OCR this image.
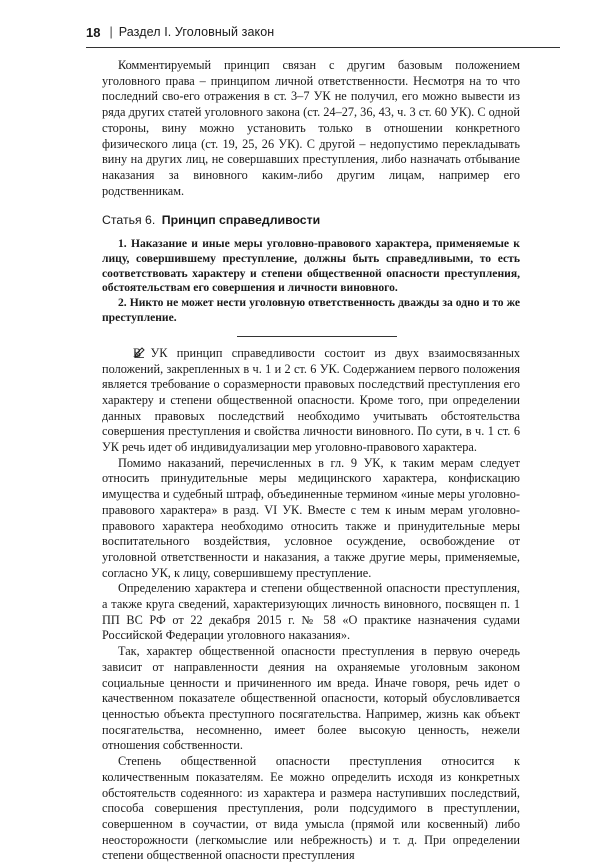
18 | Раздел I. Уголовный закон

Комментируемый принцип связан с другим базовым положением уголовного права – принципом личной ответственности. Несмотря на то что последний сво-его отражения в ст. 3–7 УК не получил, его можно вывести из ряда других статей уголовного закона (ст. 24–27, 36, 43, ч. 3 ст. 60 УК). С одной стороны, вину можно установить только в отношении конкретного физического лица (ст. 19, 25, 26 УК). С другой – недопустимо перекладывать вину на других лиц, не совершавших преступления, либо назначать отбывание наказания за виновного каким-либо другим лицам, например его родственникам.

Статья 6. Принцип справедливости

1. Наказание и иные меры уголовно-правового характера, применяемые к лицу, совершившему преступление, должны быть справедливыми, то есть соответствовать характеру и степени общественной опасности преступления, обстоятельствам его совершения и личности виновного.

2. Никто не может нести уголовную ответственность дважды за одно и то же преступление.

В УК принцип справедливости состоит из двух взаимосвязанных положений, закрепленных в ч. 1 и 2 ст. 6 УК. Содержанием первого положения является требование о соразмерности правовых последствий преступления его характеру и степени общественной опасности. Кроме того, при определении данных правовых последствий необходимо учитывать обстоятельства совершения преступления и свойства личности виновного. По сути, в ч. 1 ст. 6 УК речь идет об индивидуализации мер уголовно-правового характера.

Помимо наказаний, перечисленных в гл. 9 УК, к таким мерам следует относить принудительные меры медицинского характера, конфискацию имущества и судебный штраф, объединенные термином «иные меры уголовно-правового характера» в разд. VI УК. Вместе с тем к иным мерам уголовно-правового характера необходимо относить также и принудительные меры воспитательного воздействия, условное осуждение, освобождение от уголовной ответственности и наказания, а также другие меры, применяемые, согласно УК, к лицу, совершившему преступление.

Определению характера и степени общественной опасности преступления, а также круга сведений, характеризующих личность виновного, посвящен п. 1 ПП ВС РФ от 22 декабря 2015 г. № 58 «О практике назначения судами Российской Федерации уголовного наказания».

Так, характер общественной опасности преступления в первую очередь зависит от направленности деяния на охраняемые уголовным законом социальные ценности и причиненного им вреда. Иначе говоря, речь идет о качественном показателе общественной опасности, который обусловливается ценностью объекта преступного посягательства. Например, жизнь как объект посягательства, несомненно, имеет более высокую ценность, нежели отношения собственности.

Степень общественной опасности преступления относится к количественным показателям. Ее можно определить исходя из конкретных обстоятельств содеянного: из характера и размера наступивших последствий, способа совершения преступления, роли подсудимого в преступлении, совершенном в соучастии, от вида умысла (прямой или косвенный) либо неосторожности (легкомыслие или небрежность) и т. д. При определении степени общественной опасности преступления
